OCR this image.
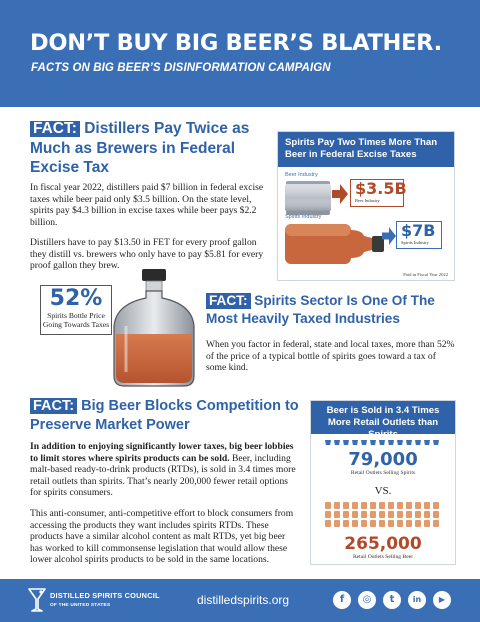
DON’T BUY BIG BEER’S BLATHER.
FACTS ON BIG BEER’S DISINFORMATION CAMPAIGN
FACT: Distillers Pay Twice as
Much as Brewers in Federal
Excise Tax
In fiscal year 2022, distillers paid $7 billion in federal excise taxes while beer paid only $3.5 billion. On the state level, spirits pay $4.3 billion in excise taxes while beer pays $2.2 billion.
Distillers have to pay $13.50 in FET for every proof gallon they distill vs. brewers who only have to pay $5.81 for every proof gallon they brew.
Spirits Pay Two Times More Than Beer in Federal Excise Taxes
Beer Industry
$3.5B
Beer Industry
Spirits Industry
$7B
Spirits Industry
Paid in Fiscal Year 2022
52%
Spirits Bottle Price
Going Towards Taxes
FACT: Spirits Sector Is One Of The
Most Heavily Taxed Industries
When you factor in federal, state and local taxes, more than 52% of the price of a typical bottle of spirits goes toward a tax of some kind.
FACT: Big Beer Blocks Competition to
Preserve Market Power
In addition to enjoying significantly lower taxes, big beer lobbies to limit stores where spirits products can be sold. Beer, including malt-based ready-to-drink products (RTDs), is sold in 3.4 times more retail outlets than spirits. That’s nearly 200,000 fewer retail options for spirits consumers.
This anti-consumer, anti-competitive effort to block consumers from accessing the products they want includes spirits RTDs. These products have a similar alcohol content as malt RTDs, yet big beer has worked to kill commonsense legislation that would allow these lower alcohol spirits products to be sold in the same locations.
Beer is Sold in 3.4 Times More Retail Outlets than Spirits
79,000
Retail Outlets Selling Spirits
VS.
265,000
Retail Outlets Selling Beer
DISTILLED SPIRITS COUNCIL
OF THE UNITED STATES	distilledspirits.org	f	◎	t	in	▶
